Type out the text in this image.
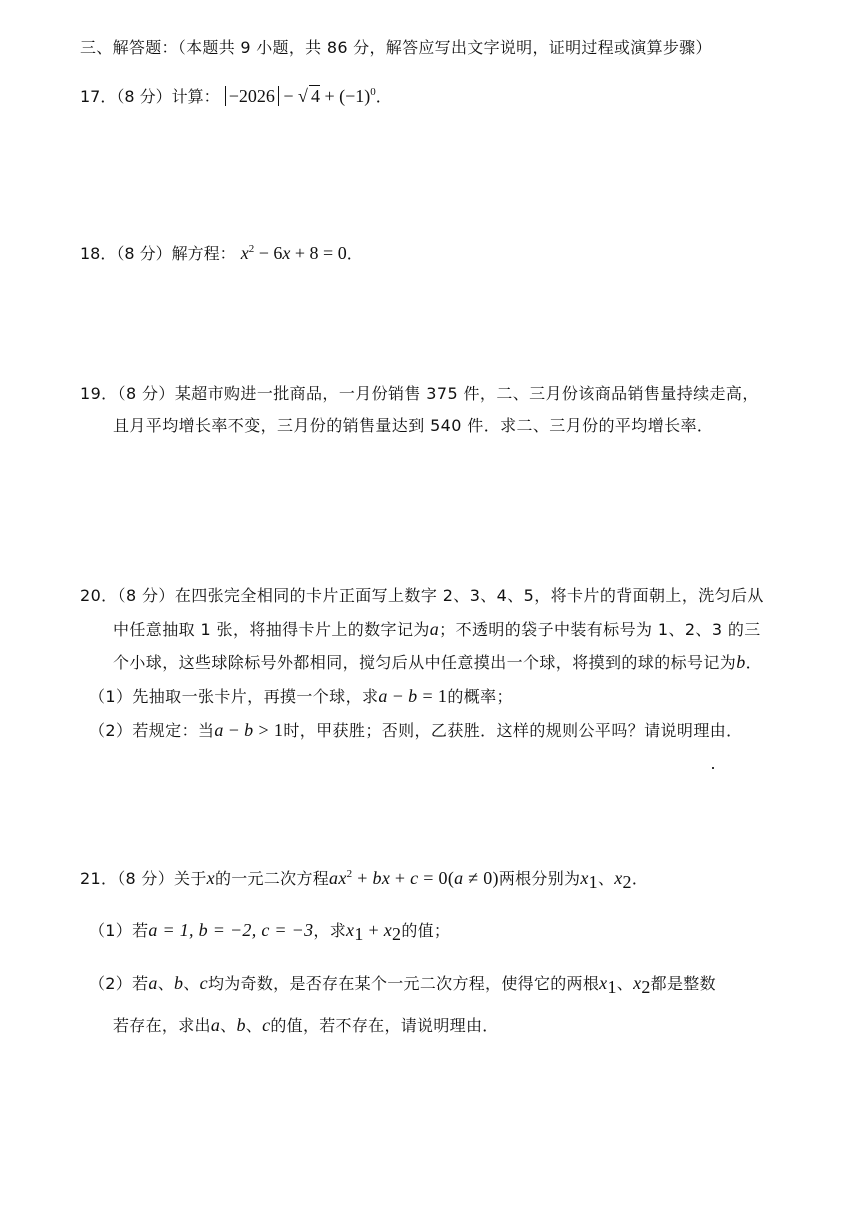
三、解答题：（本题共 9 小题，共 86 分，解答应写出文字说明，证明过程或演算步骤）
17．（8 分）计算： −2026 − √ $4 + (-1)^0$．
18．（8 分）解方程： $x^2 - 6x + 8 = 0$．
19．（8 分）某超市购进一批商品，一月份销售 375 件，二、三月份该商品销售量持续走高，
且月平均增长率不变，三月份的销售量达到 540 件．求二、三月份的平均增长率．
20．（8 分）在四张完全相同的卡片正面写上数字 2、3、4、5，将卡片的背面朝上，洗匀后从
中任意抽取 1 张，将抽得卡片上的数字记为a；不透明的袋子中装有标号为 1、2、3 的三
个小球，这些球除标号外都相同，搅匀后从中任意摸出一个球，将摸到的球的标号记为b．
（1）先抽取一张卡片，再摸一个球，求a − b = 1的概率；
（2）若规定：当a − b > 1时，甲获胜；否则，乙获胜．这样的规则公平吗？请说明理由．
21．（8 分）关于x的一元二次方程$ax^2$ + bx + c = 0(a ≠ 0)两根分别为$x_1$、$x_2$．
（1）若a = 1, b = −2, c = −3，求$x_1 + x_2$的值；
（2）若a、b、c均为奇数，是否存在某个一元二次方程，使得它的两根$x_1$、$x_2$都是整数
若存在，求出a、b、c的值，若不存在，请说明理由．
